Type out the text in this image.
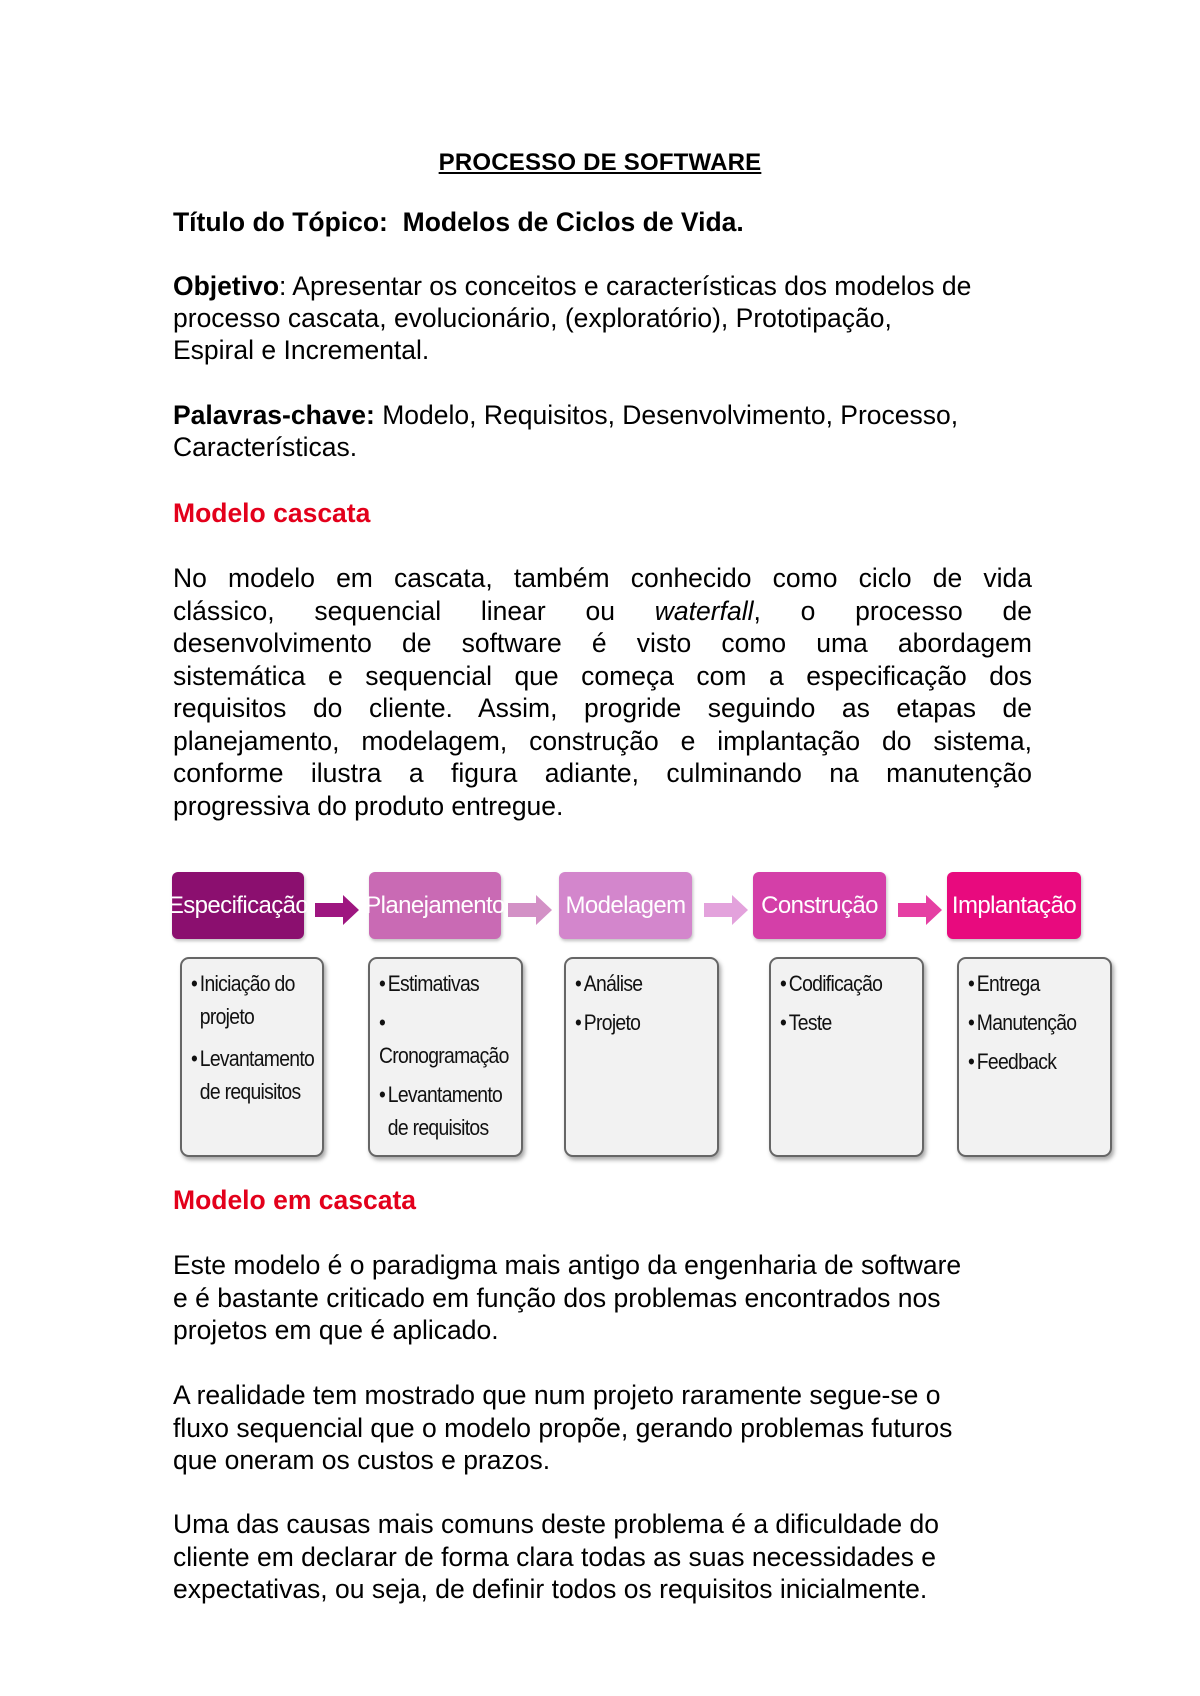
PROCESSO DE SOFTWARE
Título do Tópico: Modelos de Ciclos de Vida.
Objetivo: Apresentar os conceitos e características dos modelos de
processo cascata, evolucionário, (exploratório), Prototipação,
Espiral e Incremental.
Palavras-chave: Modelo, Requisitos, Desenvolvimento, Processo,
Características.
Modelo cascata
No modelo em cascata, também conhecido como ciclo de vida
clássico, sequencial linear ou waterfall, o processo de
desenvolvimento de software é visto como uma abordagem
sistemática e sequencial que começa com a especificação dos
requisitos do cliente. Assim, progride seguindo as etapas de
planejamento, modelagem, construção e implantação do sistema,
conforme ilustra a figura adiante, culminando na manutenção
progressiva do produto entregue.
Especificação
• Iniciação do
projeto
• Levantamento
de requisitos
Planejamento
• Estimativas
•Cronogramação
• Levantamento
de requisitos
Modelagem
• Análise
• Projeto
Construção
• Codificação
• Teste
Implantação
• Entrega
• Manutenção
• Feedback
Modelo em cascata
Este modelo é o paradigma mais antigo da engenharia de software
e é bastante criticado em função dos problemas encontrados nos
projetos em que é aplicado.
A realidade tem mostrado que num projeto raramente segue-se o
fluxo sequencial que o modelo propõe, gerando problemas futuros
que oneram os custos e prazos.
Uma das causas mais comuns deste problema é a dificuldade do
cliente em declarar de forma clara todas as suas necessidades e
expectativas, ou seja, de definir todos os requisitos inicialmente.
